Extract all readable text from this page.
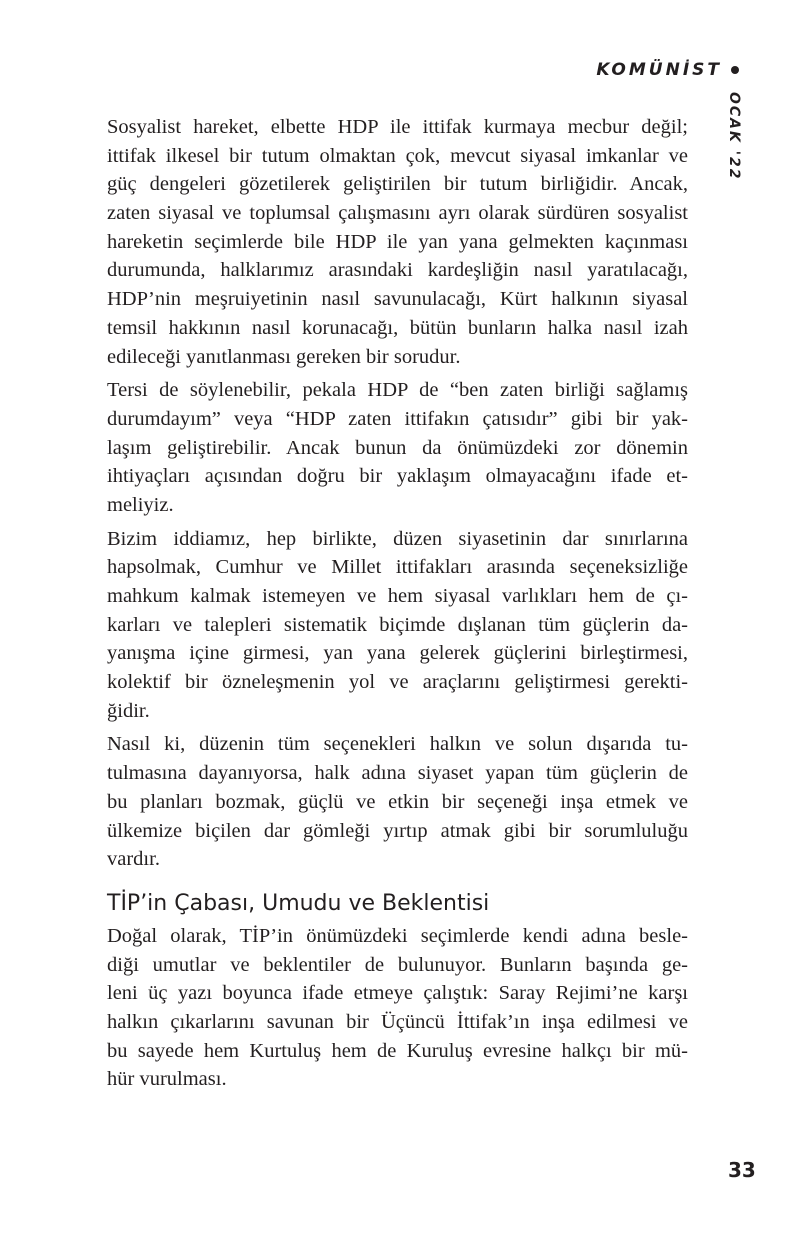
KOMÜNİST
OCAK '22
Sosyalist hareket, elbette HDP ile ittifak kurmaya mecbur değil;
ittifak ilkesel bir tutum olmaktan çok, mevcut siyasal imkanlar ve
güç dengeleri gözetilerek geliştirilen bir tutum birliğidir. Ancak,
zaten siyasal ve toplumsal çalışmasını ayrı olarak sürdüren sosyalist
hareketin seçimlerde bile HDP ile yan yana gelmekten kaçınması
durumunda, halklarımız arasındaki kardeşliğin nasıl yaratılacağı,
HDP’nin meşruiyetinin nasıl savunulacağı, Kürt halkının siyasal
temsil hakkının nasıl korunacağı, bütün bunların halka nasıl izah
edileceği yanıtlanması gereken bir sorudur.
Tersi de söylenebilir, pekala HDP de “ben zaten birliği sağlamış
durumdayım” veya “HDP zaten ittifakın çatısıdır” gibi bir yak-
laşım geliştirebilir. Ancak bunun da önümüzdeki zor dönemin
ihtiyaçları açısından doğru bir yaklaşım olmayacağını ifade et-
meliyiz.
Bizim iddiamız, hep birlikte, düzen siyasetinin dar sınırlarına
hapsolmak, Cumhur ve Millet ittifakları arasında seçeneksizliğe
mahkum kalmak istemeyen ve hem siyasal varlıkları hem de çı-
karları ve talepleri sistematik biçimde dışlanan tüm güçlerin da-
yanışma içine girmesi, yan yana gelerek güçlerini birleştirmesi,
kolektif bir özneleşmenin yol ve araçlarını geliştirmesi gerekti-
ğidir.
Nasıl ki, düzenin tüm seçenekleri halkın ve solun dışarıda tu-
tulmasına dayanıyorsa, halk adına siyaset yapan tüm güçlerin de
bu planları bozmak, güçlü ve etkin bir seçeneği inşa etmek ve
ülkemize biçilen dar gömleği yırtıp atmak gibi bir sorumluluğu
vardır.
TİP’in Çabası, Umudu ve Beklentisi
Doğal olarak, TİP’in önümüzdeki seçimlerde kendi adına besle-
diği umutlar ve beklentiler de bulunuyor. Bunların başında ge-
leni üç yazı boyunca ifade etmeye çalıştık: Saray Rejimi’ne karşı
halkın çıkarlarını savunan bir Üçüncü İttifak’ın inşa edilmesi ve
bu sayede hem Kurtuluş hem de Kuruluş evresine halkçı bir mü-
hür vurulması.
33
